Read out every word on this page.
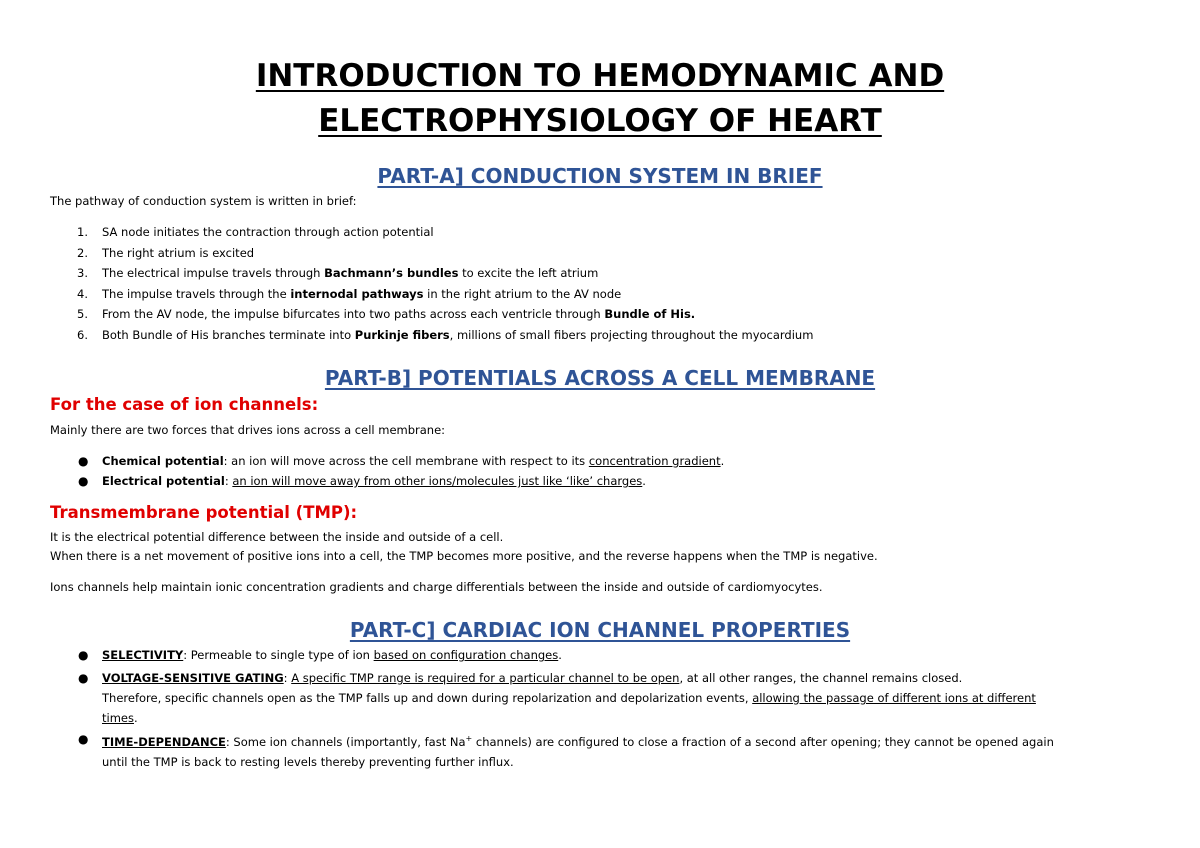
INTRODUCTION TO HEMODYNAMIC AND
ELECTROPHYSIOLOGY OF HEART
PART-A] CONDUCTION SYSTEM IN BRIEF

The pathway of conduction system is written in brief:

1. SA node initiates the contraction through action potential
2. The right atrium is excited
3. The electrical impulse travels through Bachmann’s bundles to excite the left atrium
4. The impulse travels through the internodal pathways in the right atrium to the AV node
5. From the AV node, the impulse bifurcates into two paths across each ventricle through Bundle of His.
6. Both Bundle of His branches terminate into Purkinje fibers, millions of small fibers projecting throughout the myocardium
PART-B] POTENTIALS ACROSS A CELL MEMBRANE
For the case of ion channels:

Mainly there are two forces that drives ions across a cell membrane:

● Chemical potential: an ion will move across the cell membrane with respect to its concentration gradient.
● Electrical potential: an ion will move away from other ions/molecules just like ‘like’ charges.
Transmembrane potential (TMP):

It is the electrical potential difference between the inside and outside of a cell.

When there is a net movement of positive ions into a cell, the TMP becomes more positive, and the reverse happens when the TMP is negative.

Ions channels help maintain ionic concentration gradients and charge differentials between the inside and outside of cardiomyocytes.

PART-C] CARDIAC ION CHANNEL PROPERTIES
● SELECTIVITY: Permeable to single type of ion based on configuration changes.
● VOLTAGE-SENSITIVE GATING: A specific TMP range is required for a particular channel to be open, at all other ranges, the channel remains closed.
Therefore, specific channels open as the TMP falls up and down during repolarization and depolarization events, allowing the passage of different ions at different
times.
● TIME-DEPENDANCE: Some ion channels (importantly, fast Na+ channels) are configured to close a fraction of a second after opening; they cannot be opened again
until the TMP is back to resting levels thereby preventing further influx.
